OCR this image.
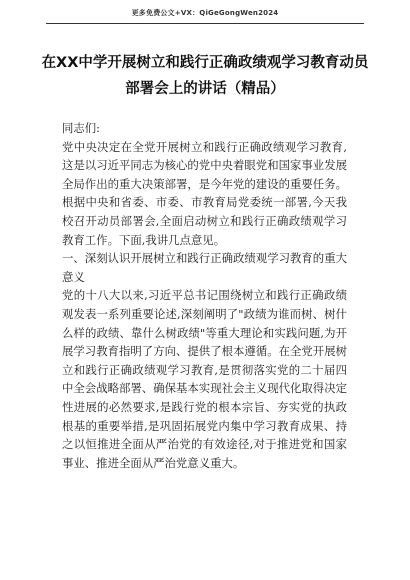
更多免费公文+VX：QiGeGongWen2024
在XX中学开展树立和践行正确政绩观学习教育动员
部署会上的讲话（精品）

同志们:

党中央决定在全党开展树立和践行正确政绩观学习教育,这是以习近平同志为核心的党中央着眼党和国家事业发展全局作出的重大决策部署，是今年党的建设的重要任务。根据中央和省委、市委、市教育局党委统一部署,今天我校召开动员部署会,全面启动树立和践行正确政绩观学习教育工作。下面,我讲几点意见。

一、深刻认识开展树立和践行正确政绩观学习教育的重大意义

党的十八大以来,习近平总书记围绕树立和践行正确政绩观发表一系列重要论述,深刻阐明了"政绩为谁而树、树什么样的政绩、靠什么树政绩"等重大理论和实践问题,为开展学习教育指明了方向、提供了根本遵循。在全党开展树立和践行正确政绩观学习教育,是贯彻落实党的二十届四中全会战略部署、确保基本实现社会主义现代化取得决定性进展的必然要求,是践行党的根本宗旨、夯实党的执政根基的重要举措,是巩固拓展党内集中学习教育成果、持之以恒推进全面从严治党的有效途径,对于推进党和国家事业、推进全面从严治党意义重大。
